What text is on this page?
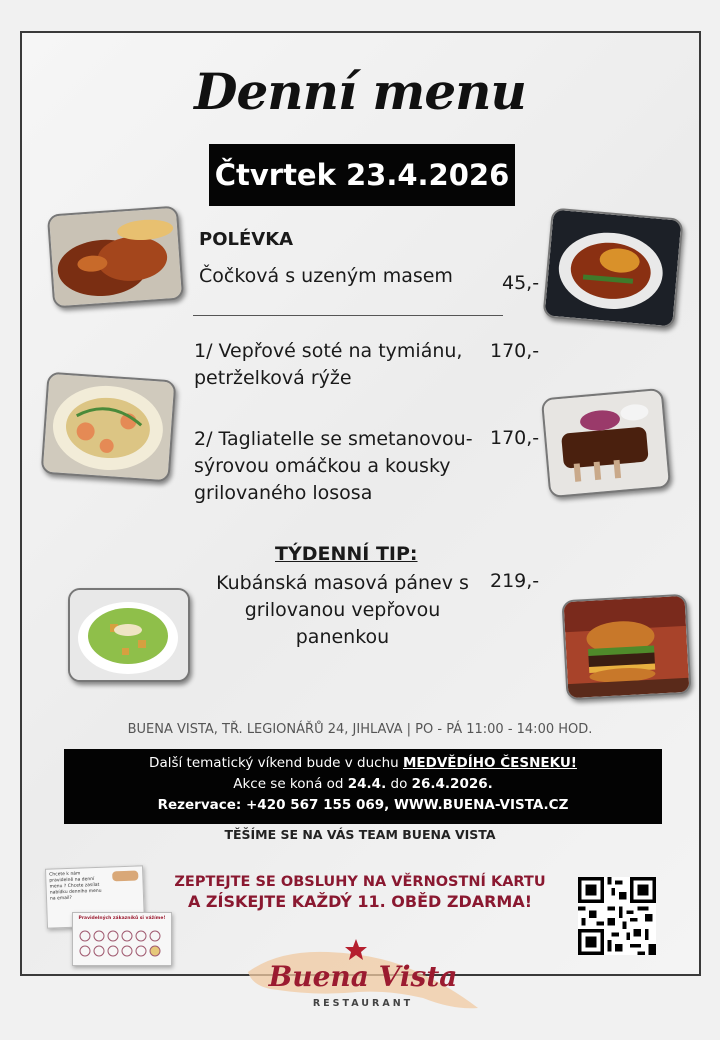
Denní menu
Čtvrtek 23.4.2026
POLÉVKA
Čočková s uzeným masem	45,-
1/ Vepřové soté na tymiánu,
petrželková rýže
170,-
2/ Tagliatelle se smetanovou-
sýrovou omáčkou a kousky
grilovaného lososa
170,-
TÝDENNÍ TIP:
Kubánská masová pánev s
grilovanou vepřovou
panenkou
219,-
BUENA VISTA, TŘ. LEGIONÁŘŮ 24, JIHLAVA | PO - PÁ 11:00 - 14:00 HOD.
Další tematický víkend bude v duchu MEDVĚDÍHO ČESNEKU!
Akce se koná od 24.4. do 26.4.2026.
Rezervace: +420 567 155 069, WWW.BUENA-VISTA.CZ
TĚŠÍME SE NA VÁS TEAM BUENA VISTA
Chcete k nám pravidelně na denní menu ? Chcete zasílat nabídku denního menu na email?
Pravidelných zákazníků si vážíme!
ZEPTEJTE SE OBSLUHY NA VĚRNOSTNÍ KARTU
A ZÍSKEJTE KAŽDÝ 11. OBĚD ZDARMA!
Buena Vista
RESTAURANT
